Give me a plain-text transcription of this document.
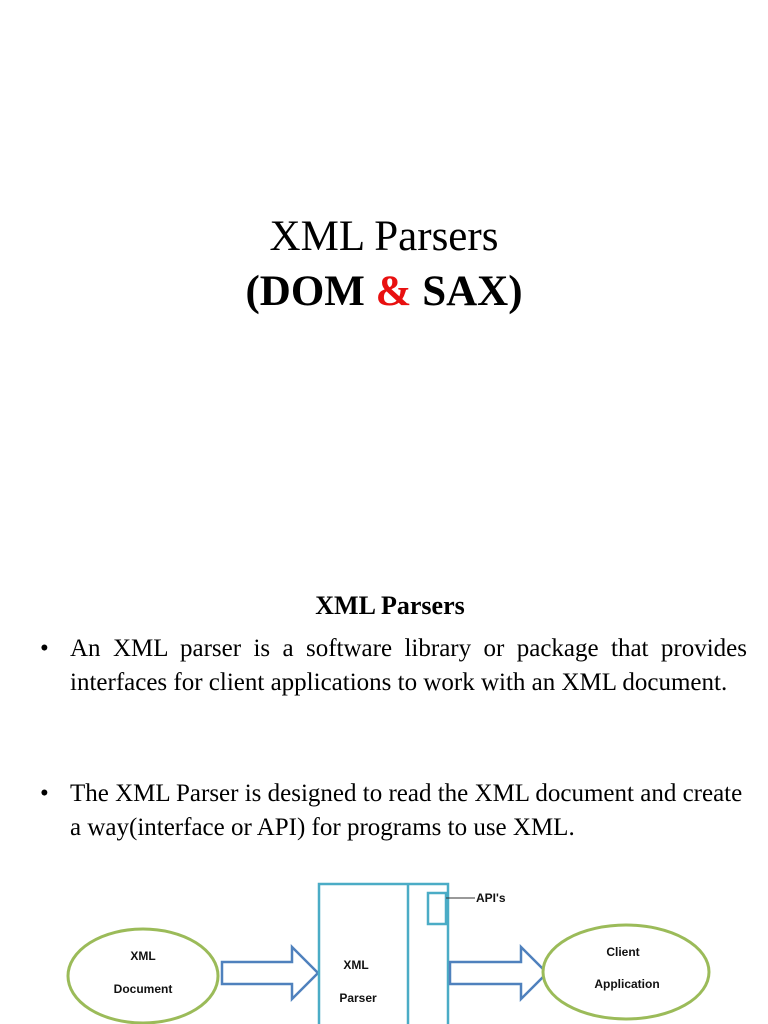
XML Parsers
(DOM & SAX)
XML Parsers
• An XML parser is a software library or package that provides interfaces for client applications to work with an XML document.
• The XML Parser is designed to read the XML document and create a way(interface or API) for programs to use XML.
XML
Document
XML
Parser
API's
Client
Application
